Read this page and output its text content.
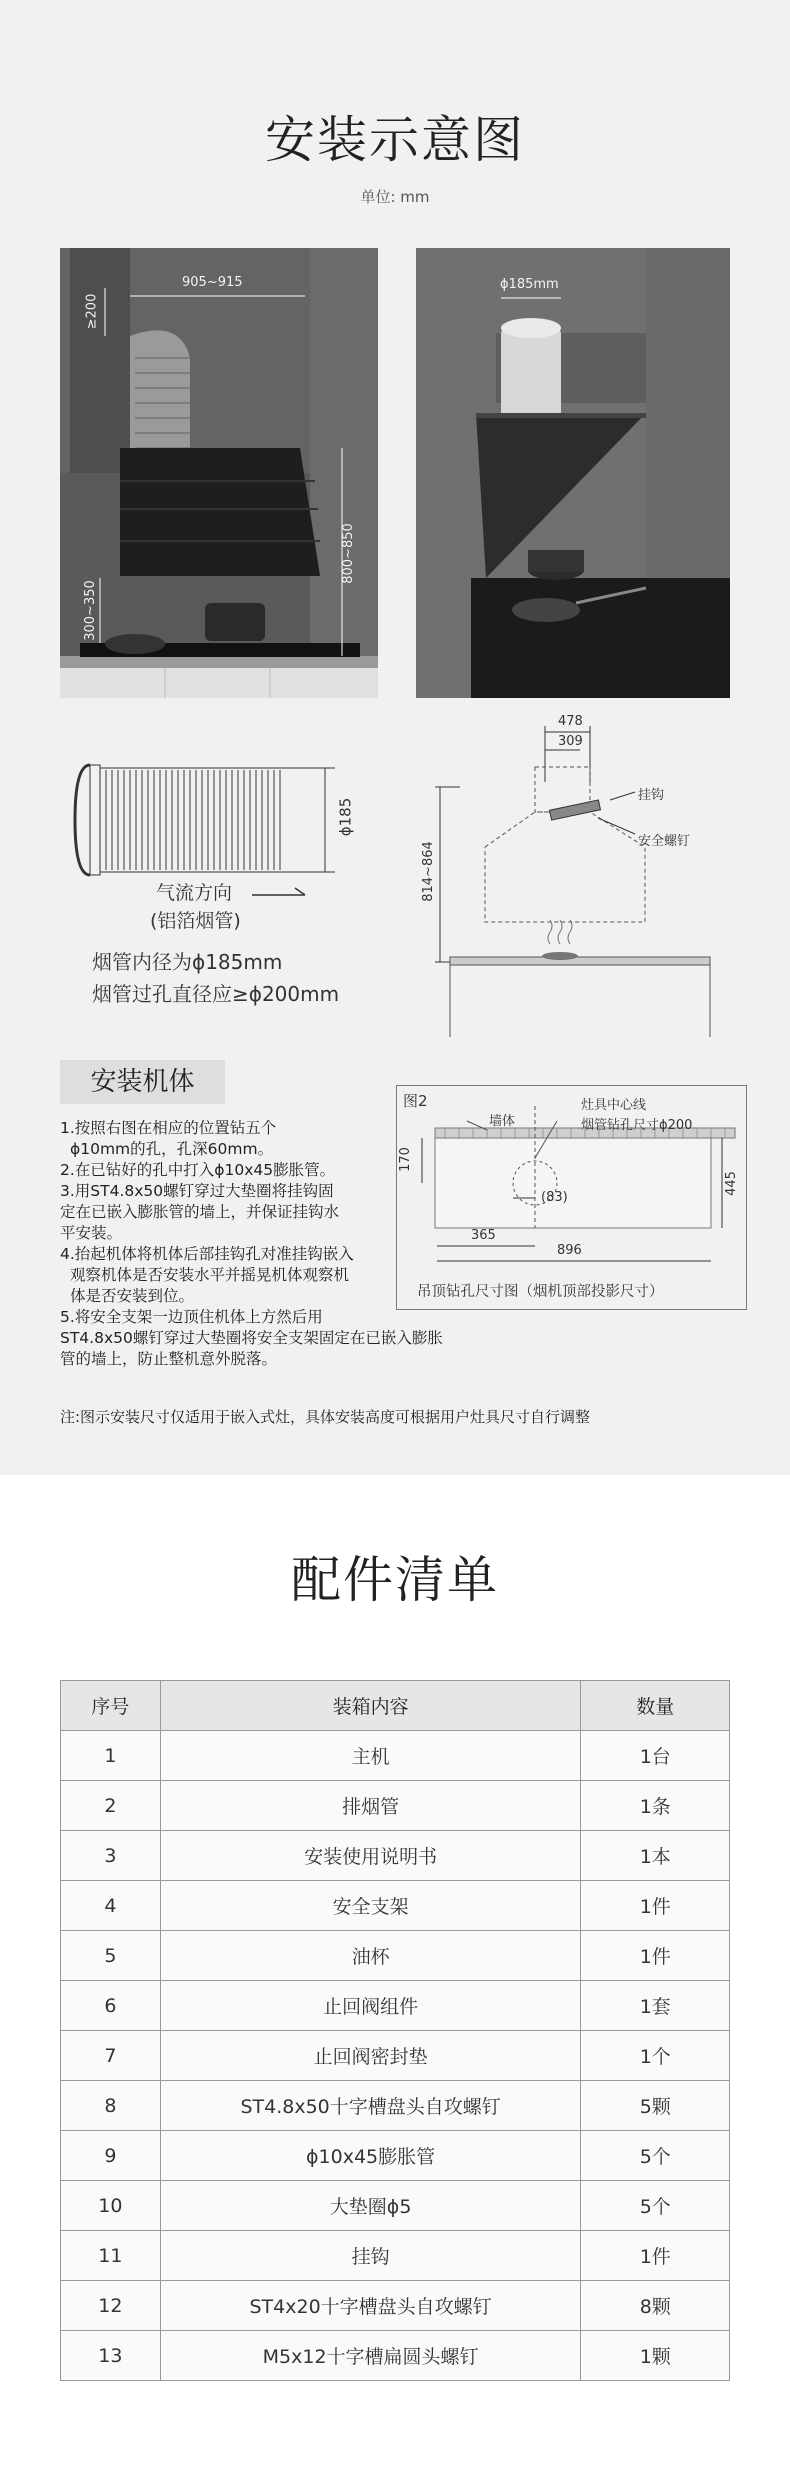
安装示意图
单位: mm
905~915
≥200
300~350
800~850
ϕ185mm
ϕ185
气流方向
(铝箔烟管)
烟管内径为ϕ185mm
烟管过孔直径应≥ϕ200mm
478
309
挂钩
安全螺钉
814~864
安装机体

1.按照右图在相应的位置钻五个

ϕ10mm的孔，孔深60mm。

2.在已钻好的孔中打入ϕ10x45膨胀管。

3.用ST4.8x50螺钉穿过大垫圈将挂钩固

定在已嵌入膨胀管的墙上，并保证挂钩水

平安装。

4.抬起机体将机体后部挂钩孔对准挂钩嵌入

观察机体是否安装水平并摇晃机体观察机

体是否安装到位。

5.将安全支架一边顶住机体上方然后用

ST4.8x50螺钉穿过大垫圈将安全支架固定在已嵌入膨胀

管的墙上，防止整机意外脱落。

注:图示安装尺寸仅适用于嵌入式灶，具体安装高度可根据用户灶具尺寸自行调整
图2
墙体
灶具中心线
烟管钻孔尺寸ϕ200
170
(83)
365
896
445
吊顶钻孔尺寸图（烟机顶部投影尺寸）
配件清单
序号	装箱内容	数量
1	主机	1台
2	排烟管	1条
3	安装使用说明书	1本
4	安全支架	1件
5	油杯	1件
6	止回阀组件	1套
7	止回阀密封垫	1个
8	ST4.8x50十字槽盘头自攻螺钉	5颗
9	ϕ10x45膨胀管	5个
10	大垫圈ϕ5	5个
11	挂钩	1件
12	ST4x20十字槽盘头自攻螺钉	8颗
13	M5x12十字槽扁圆头螺钉	1颗
